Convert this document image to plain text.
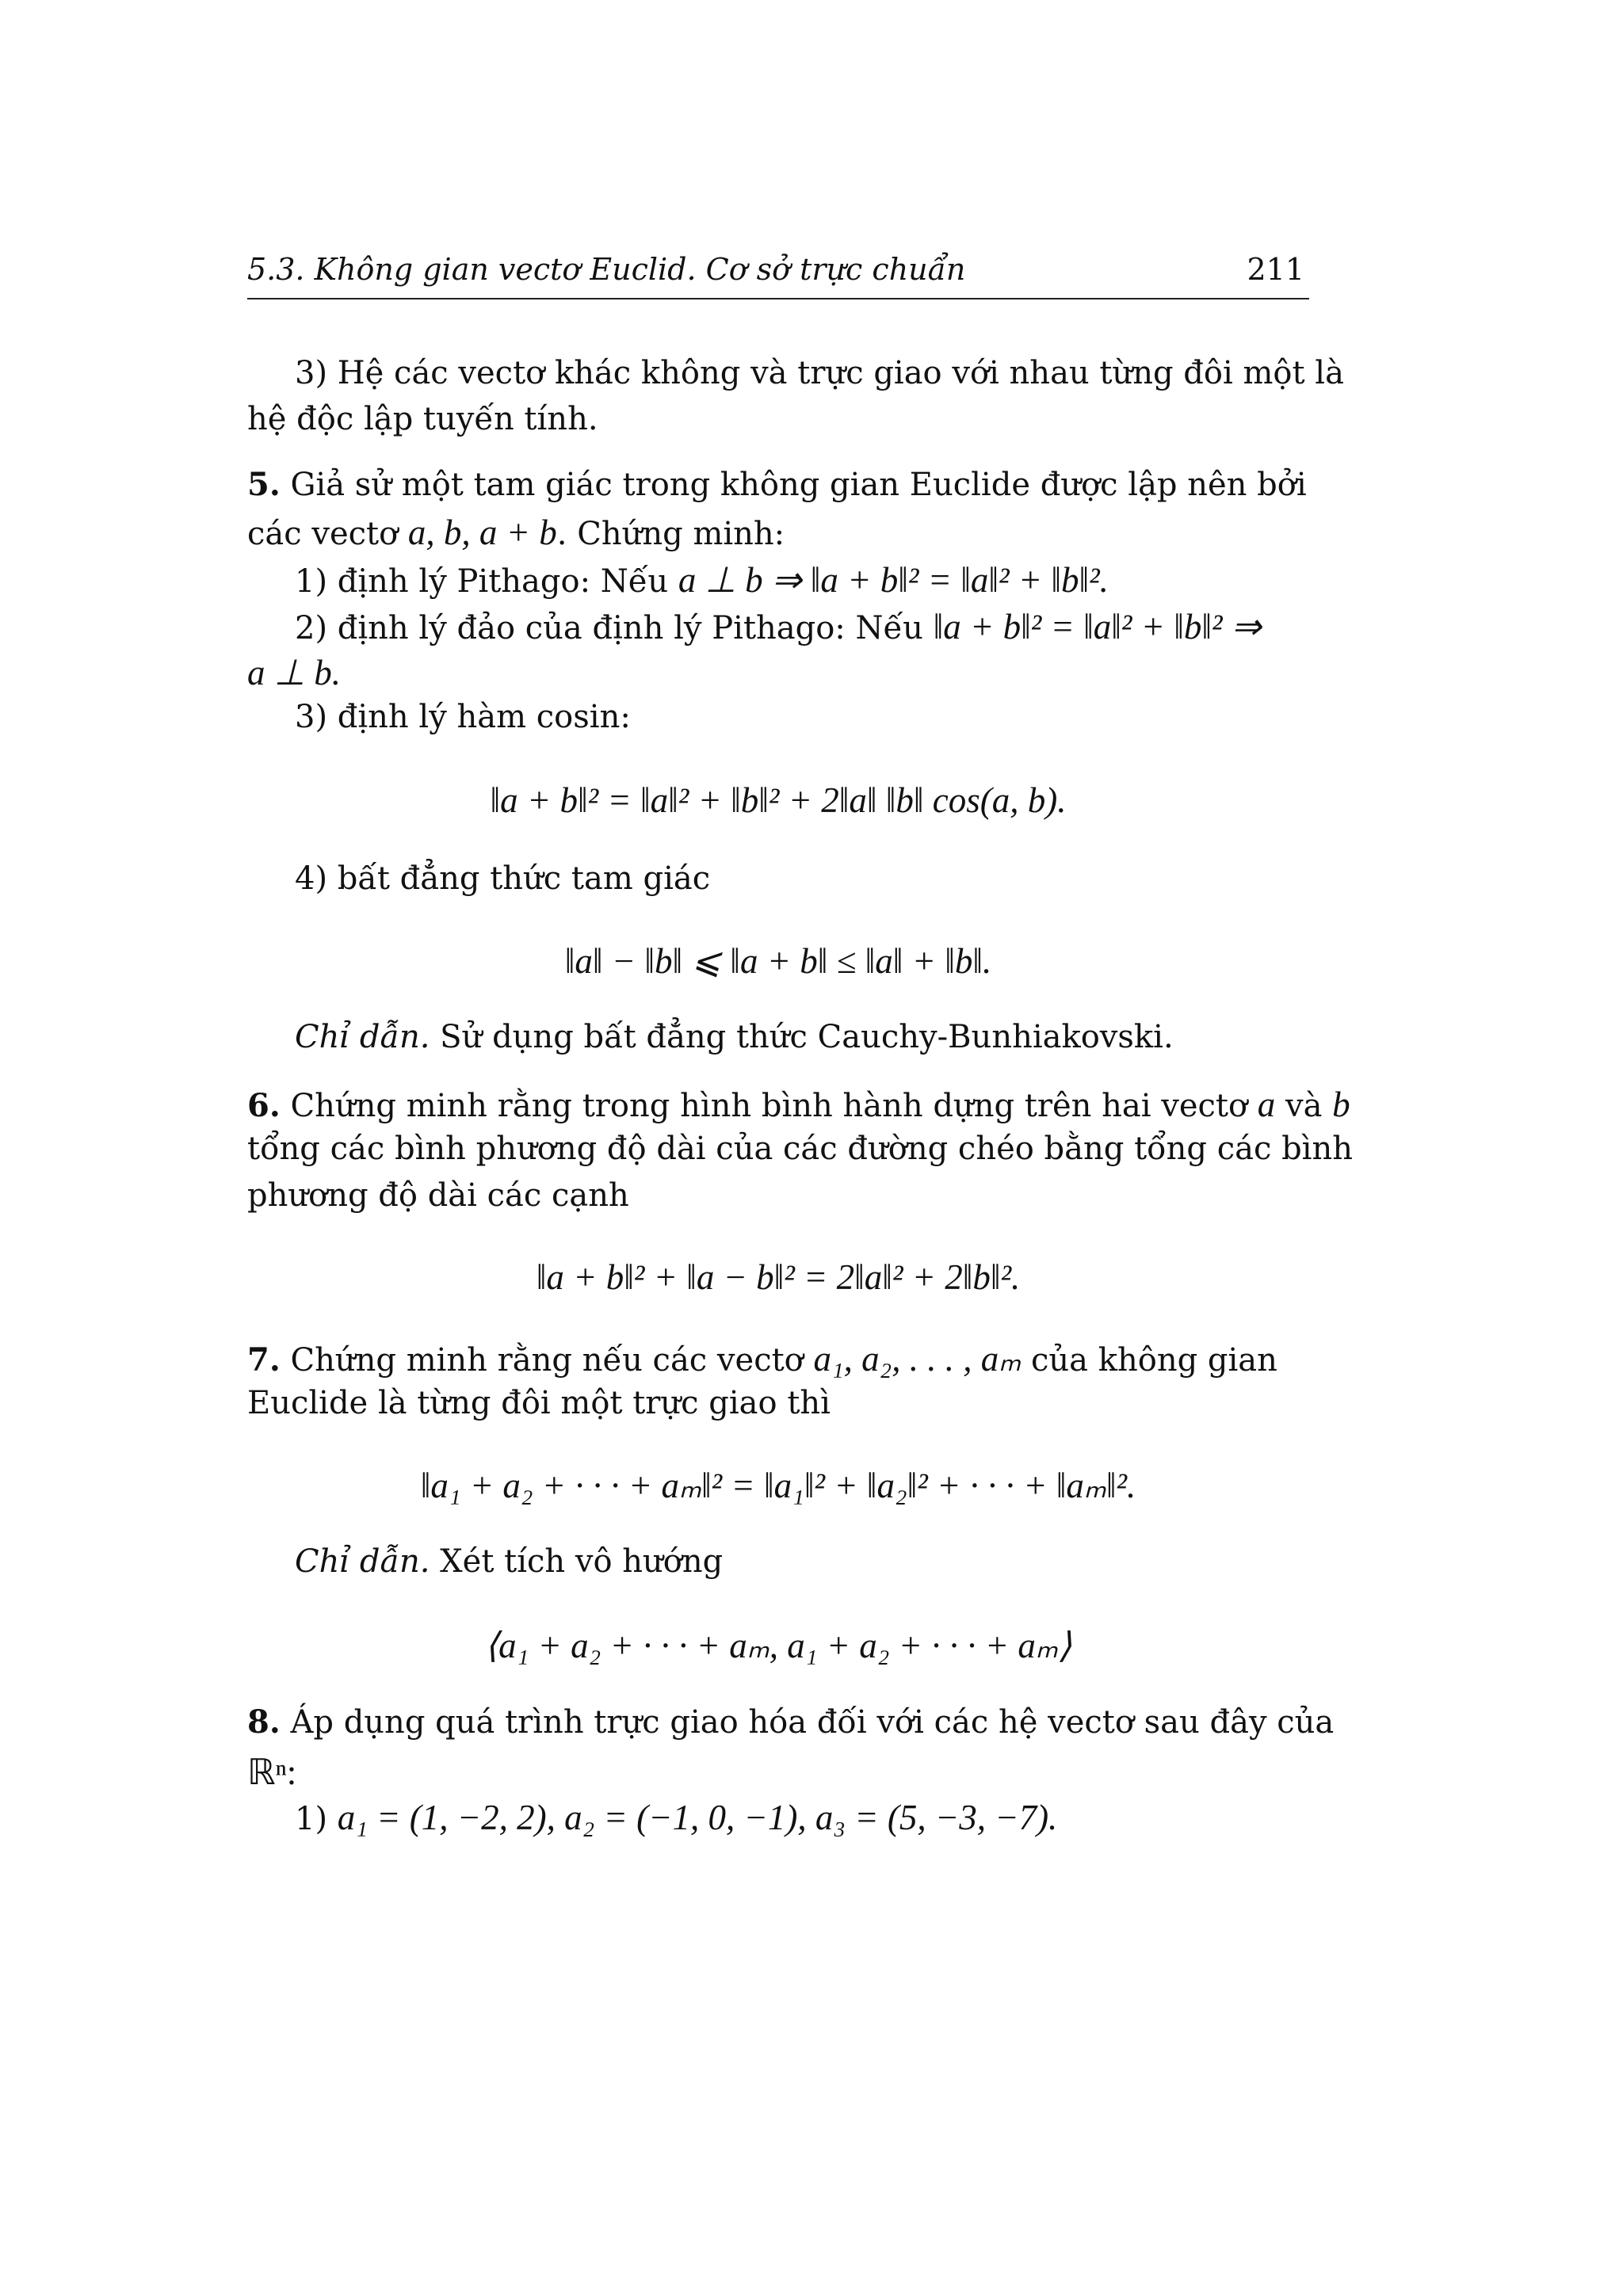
5.3. Không gian vectơ Euclid. Cơ sở trực chuẩn	211
3) Hệ các vectơ khác không và trực giao với nhau từng đôi một là
hệ độc lập tuyến tính.
5. Giả sử một tam giác trong không gian Euclide được lập nên bởi
các vectơ a, b, a + b. Chứng minh:
1) định lý Pithago: Nếu a ⊥ b ⇒ ‖a + b‖² = ‖a‖² + ‖b‖².
2) định lý đảo của định lý Pithago: Nếu ‖a + b‖² = ‖a‖² + ‖b‖² ⇒
a ⊥ b.
3) định lý hàm cosin:
‖a + b‖² = ‖a‖² + ‖b‖² + 2‖a‖ ‖b‖ cos(a, b).
4) bất đẳng thức tam giác
‖a‖ − ‖b‖ ⩽ ‖a + b‖ ≤ ‖a‖ + ‖b‖.
Chỉ dẫn. Sử dụng bất đẳng thức Cauchy-Bunhiakovski.
6. Chứng minh rằng trong hình bình hành dựng trên hai vectơ a và b
tổng các bình phương độ dài của các đường chéo bằng tổng các bình
phương độ dài các cạnh
‖a + b‖² + ‖a − b‖² = 2‖a‖² + 2‖b‖².
7. Chứng minh rằng nếu các vectơ a₁, a₂, . . . , aₘ của không gian
Euclide là từng đôi một trực giao thì
‖a₁ + a₂ + · · · + aₘ‖² = ‖a₁‖² + ‖a₂‖² + · · · + ‖aₘ‖².
Chỉ dẫn. Xét tích vô hướng
⟨a₁ + a₂ + · · · + aₘ, a₁ + a₂ + · · · + aₘ⟩
8. Áp dụng quá trình trực giao hóa đối với các hệ vectơ sau đây của
ℝⁿ:
1) a₁ = (1, −2, 2), a₂ = (−1, 0, −1), a₃ = (5, −3, −7).
